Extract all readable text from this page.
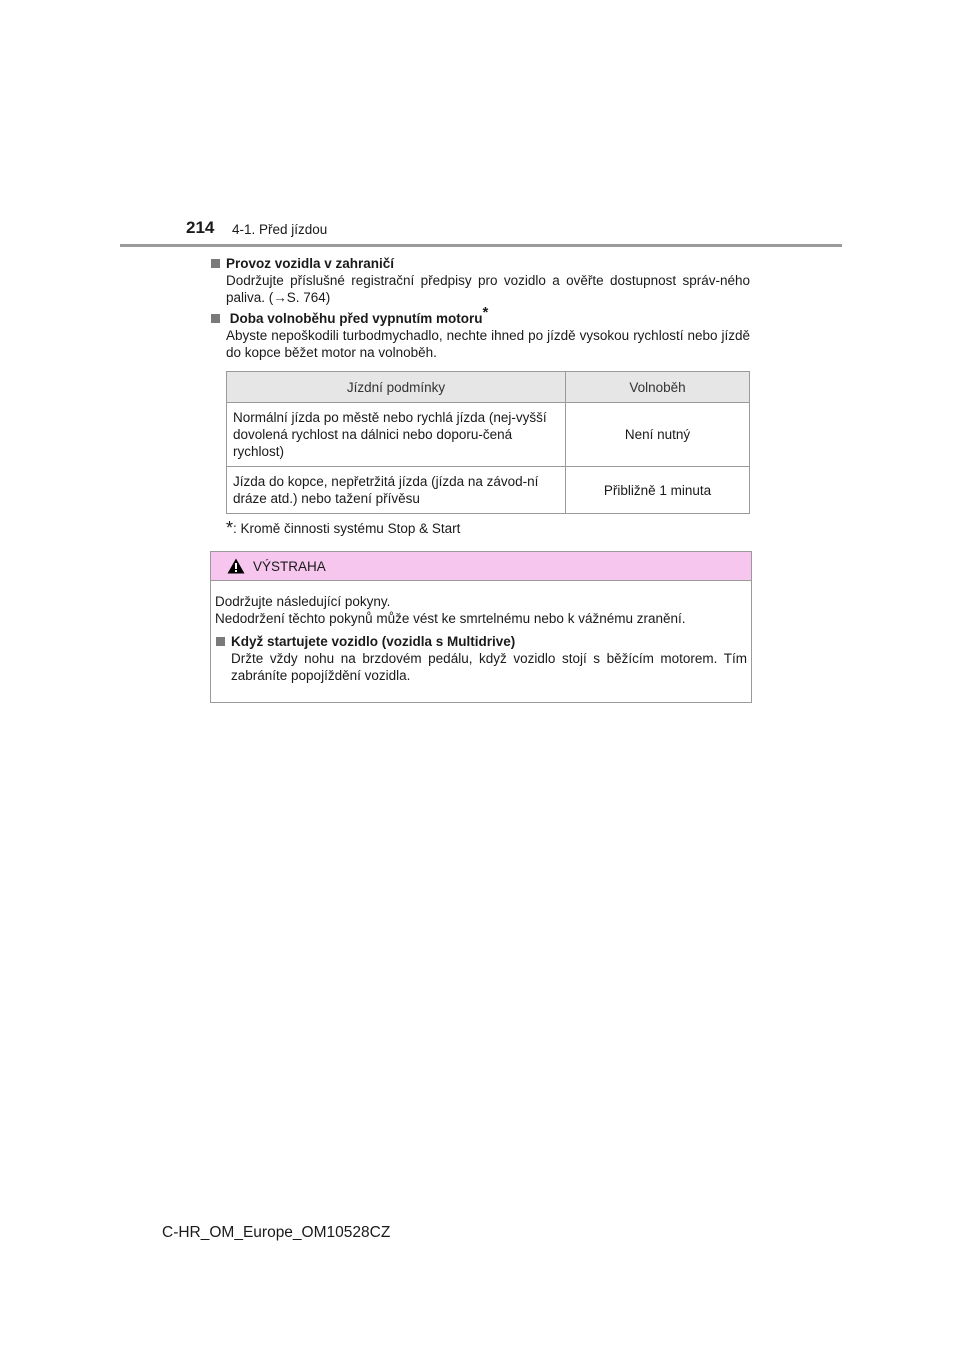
214 4-1. Před jízdou
Provoz vozidla v zahraničí
Dodržujte příslušné registrační předpisy pro vozidlo a ověřte dostupnost správ-ného paliva. (→S. 764)
Doba volnoběhu před vypnutím motoru*
Abyste nepoškodili turbodmychadlo, nechte ihned po jízdě vysokou rychlostí nebo jízdě do kopce běžet motor na volnoběh.
Jízdní podmínky	Volnoběh
Normální jízda po městě nebo rychlá jízda (nej-vyšší dovolená rychlost na dálnici nebo doporu-čená rychlost)	Není nutný
Jízda do kopce, nepřetržitá jízda (jízda na závod-ní dráze atd.) nebo tažení přívěsu	Přibližně 1 minuta
*: Kromě činnosti systému Stop & Start
VÝSTRAHA
Dodržujte následující pokyny.
Nedodržení těchto pokynů může vést ke smrtelnému nebo k vážnému zranění.
Když startujete vozidlo (vozidla s Multidrive)
Držte vždy nohu na brzdovém pedálu, když vozidlo stojí s běžícím motorem. Tím zabráníte popojíždění vozidla.
C-HR_OM_Europe_OM10528CZ
